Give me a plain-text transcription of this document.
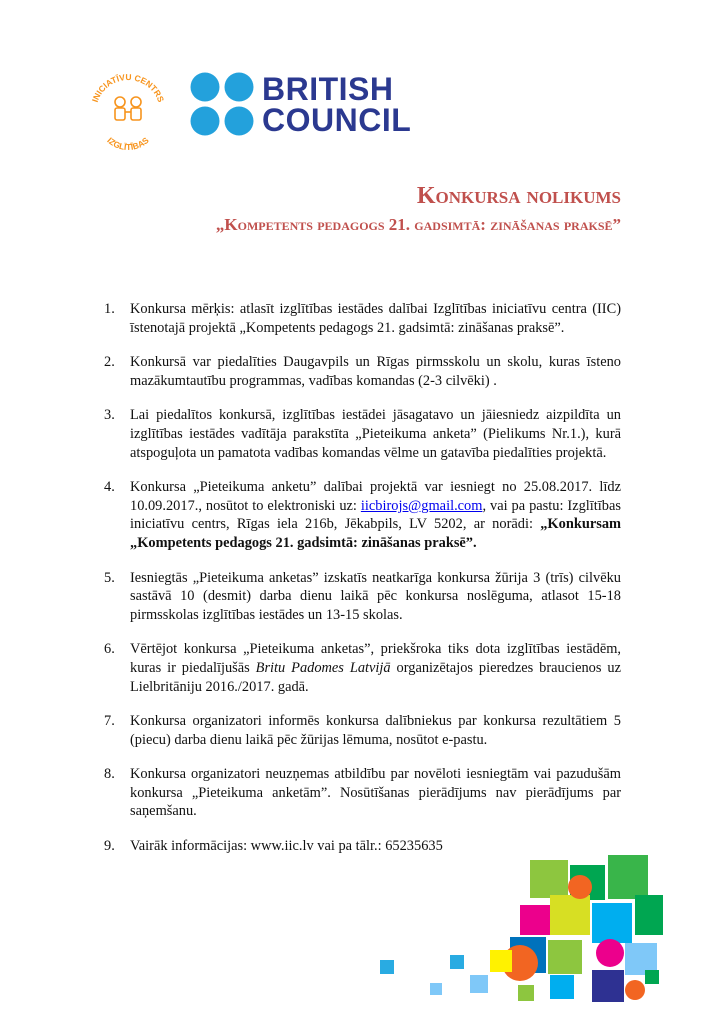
INICIATĪVU CENTRS
IZGLĪTĪBAS
BRITISH
COUNCIL
Konkursa nolikums
„Kompetents pedagogs 21. gadsimtā: zināšanas praksē”
1. Konkursa mērķis: atlasīt izglītības iestādes dalībai Izglītības iniciatīvu centra (IIC) īstenotajā projektā „Kompetents pedagogs 21. gadsimtā: zināšanas praksē”.
2. Konkursā var piedalīties Daugavpils un Rīgas pirmsskolu un skolu, kuras īsteno mazākumtautību programmas, vadības komandas (2-3 cilvēki) .
3. Lai piedalītos konkursā, izglītības iestādei jāsagatavo un jāiesniedz aizpildīta un izglītības iestādes vadītāja parakstīta „Pieteikuma anketa” (Pielikums Nr.1.), kurā atspoguļota un pamatota vadības komandas vēlme un gatavība piedalīties projektā.
4. Konkursa „Pieteikuma anketu” dalībai projektā var iesniegt no 25.08.2017. līdz 10.09.2017., nosūtot to elektroniski uz: iicbirojs@gmail.com, vai pa pastu: Izglītības iniciatīvu centrs, Rīgas iela 216b, Jēkabpils, LV 5202, ar norādi: „Konkursam „Kompetents pedagogs 21. gadsimtā: zināšanas praksē”.
5. Iesniegtās „Pieteikuma anketas” izskatīs neatkarīga konkursa žūrija 3 (trīs) cilvēku sastāvā 10 (desmit) darba dienu laikā pēc konkursa noslēguma, atlasot 15-18 pirmsskolas izglītības iestādes un 13-15 skolas.
6. Vērtējot konkursa „Pieteikuma anketas”, priekšroka tiks dota izglītības iestādēm, kuras ir piedalījušās Britu Padomes Latvijā organizētajos pieredzes braucienos uz Lielbritāniju 2016./2017. gadā.
7. Konkursa organizatori informēs konkursa dalībniekus par konkursa rezultātiem 5 (piecu) darba dienu laikā pēc žūrijas lēmuma, nosūtot e-pastu.
8. Konkursa organizatori neuzņemas atbildību par novēloti iesniegtām vai pazudušām konkursa „Pieteikuma anketām”. Nosūtīšanas pierādījums nav pierādījums par saņemšanu.
9. Vairāk informācijas: www.iic.lv vai pa tālr.: 65235635
